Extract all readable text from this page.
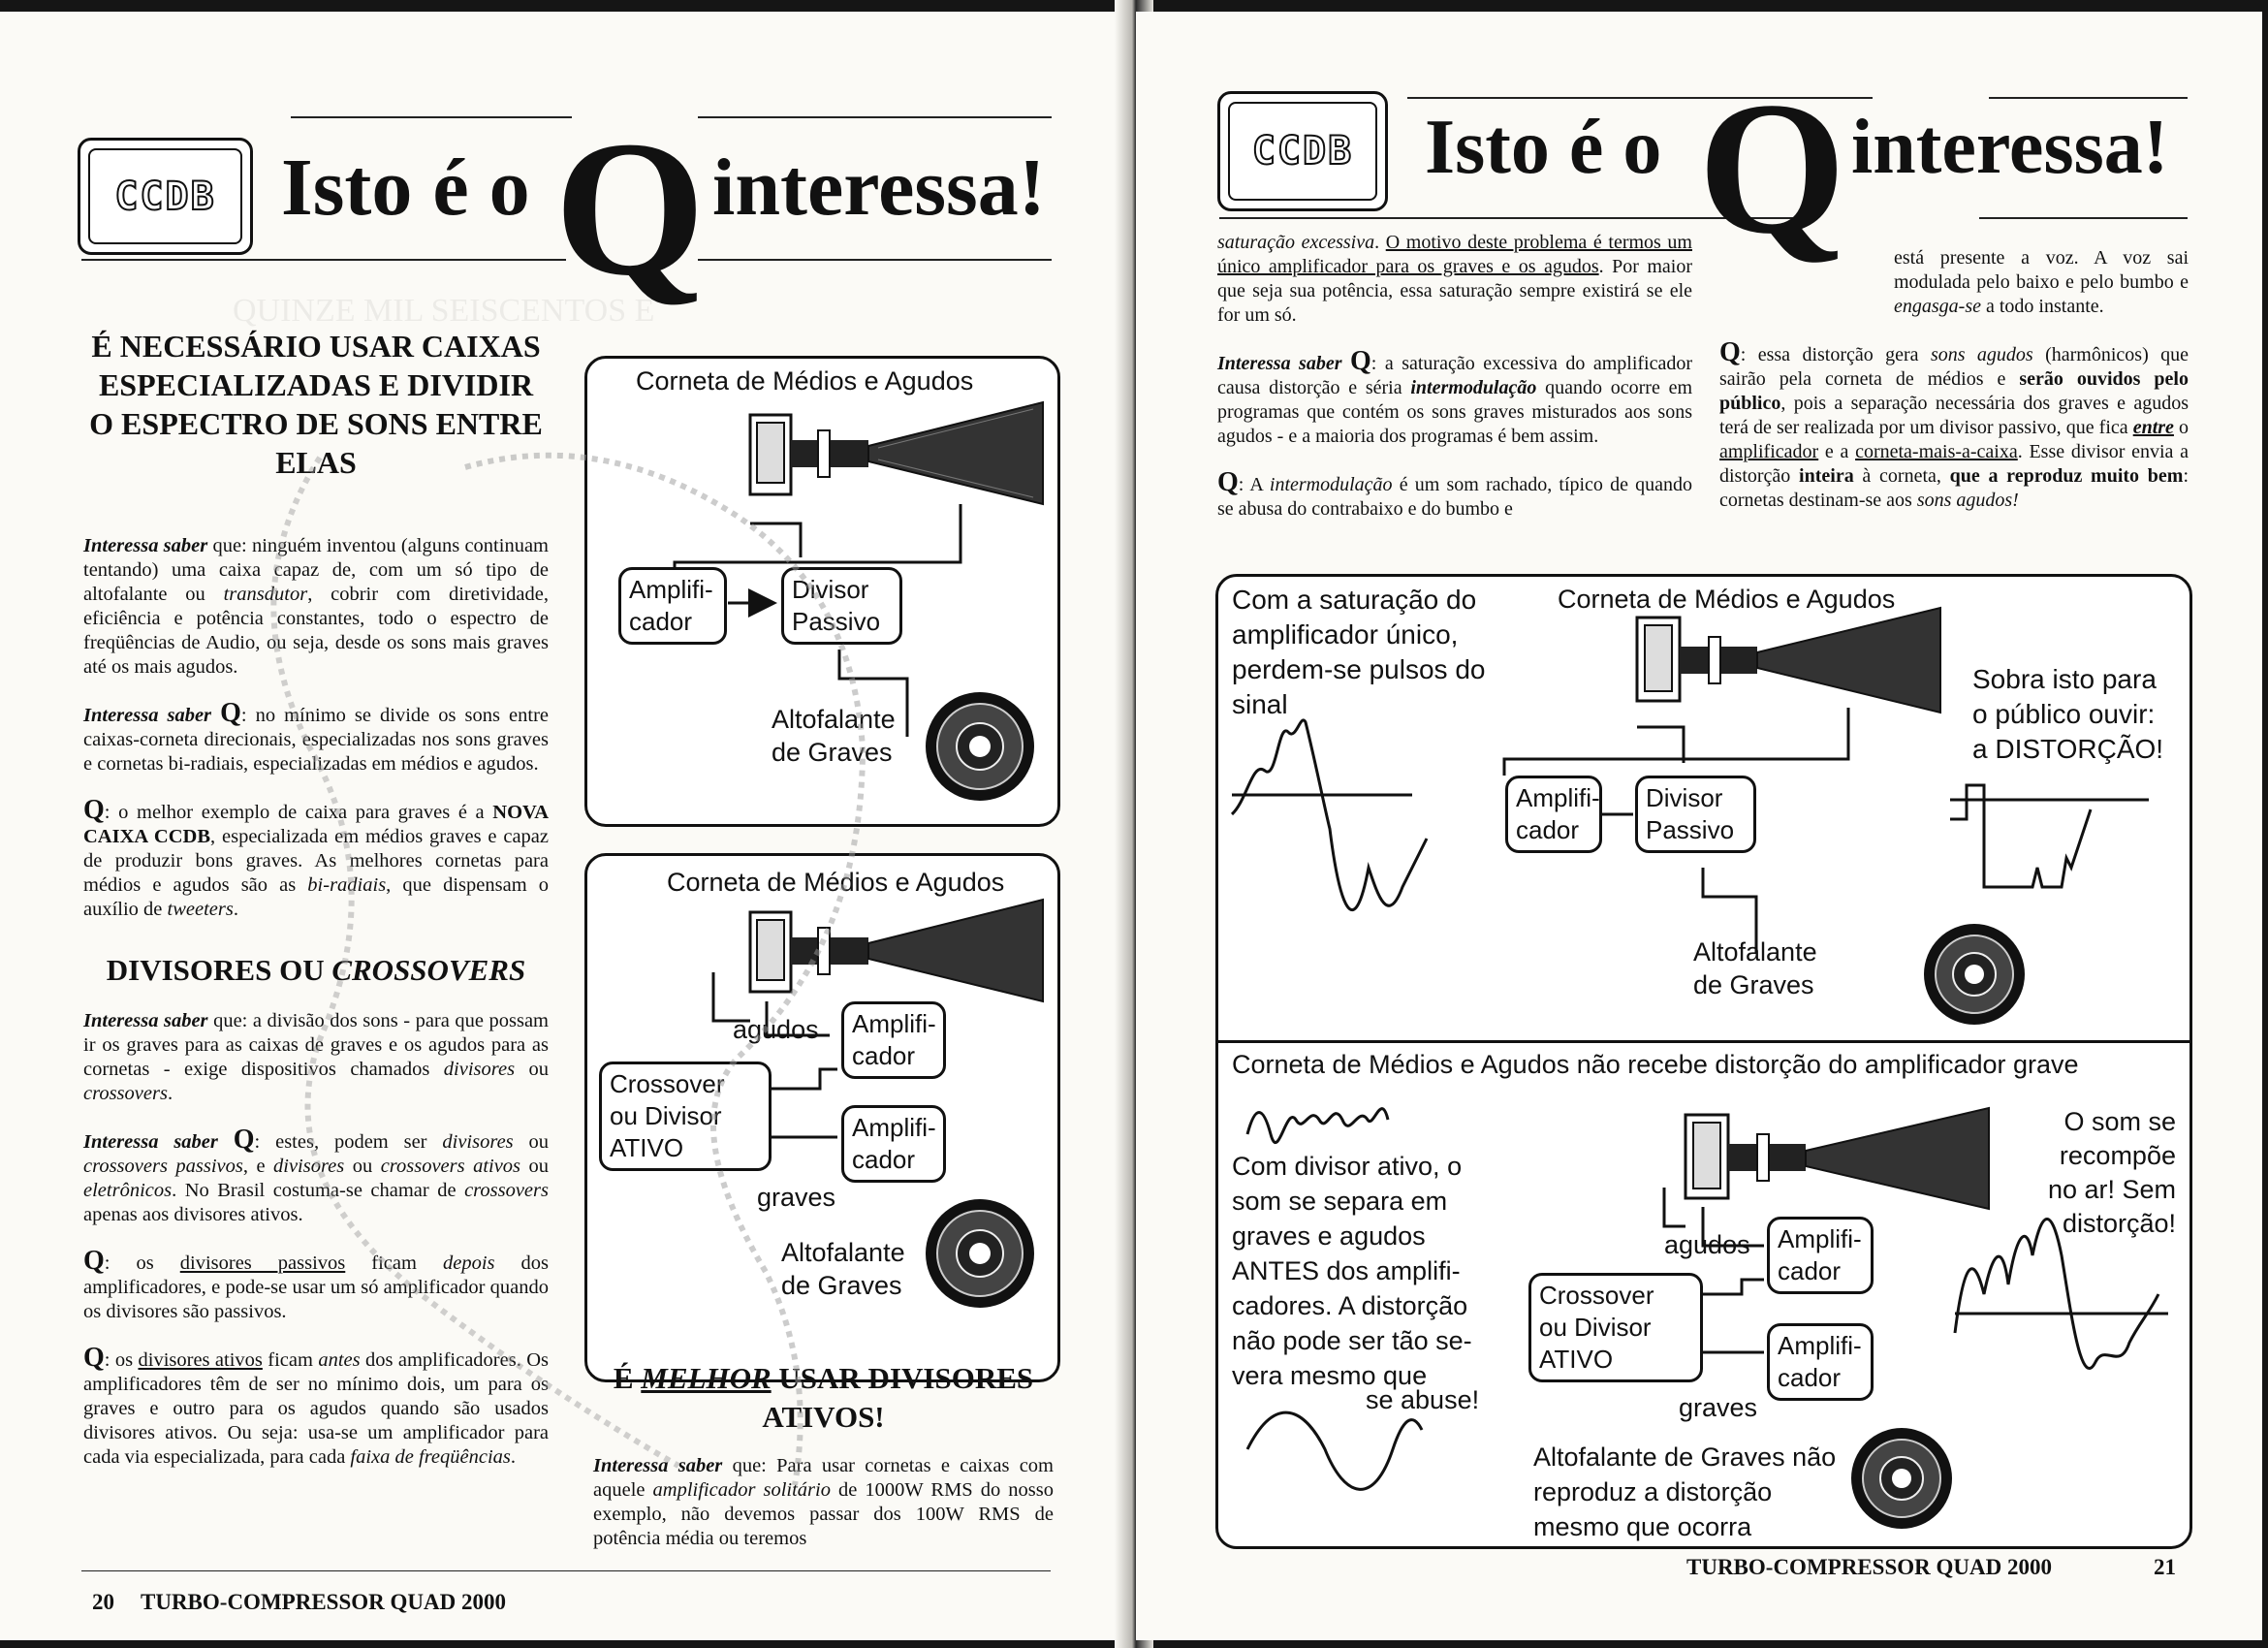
QUINZE MIL SEISCENTOS E
CCDB Isto é o Q interessa!
É NECESSÁRIO USAR CAIXAS ESPECIALIZADAS E DIVIDIR O ESPECTRO DE SONS ENTRE ELAS

Interessa saber que: ninguém inventou (alguns continuam tentando) uma caixa capaz de, com um só tipo de altofalante ou transdutor, cobrir com diretividade, eficiência e potência constantes, todo o espectro de freqüências de Audio, ou seja, desde os sons mais graves até os mais agudos.

Interessa saber Q: no mínimo se divide os sons entre caixas-corneta direcionais, especializadas nos sons graves e cornetas bi-radiais, especializadas em médios e agudos.

Q: o melhor exemplo de caixa para graves é a NOVA CAIXA CCDB, especializada em médios graves e capaz de produzir bons graves. As melhores cornetas para médios e agudos são as bi-radiais, que dispensam o auxílio de tweeters.

DIVISORES OU CROSSOVERS

Interessa saber que: a divisão dos sons - para que possam ir os graves para as caixas de graves e os agudos para as cornetas - exige dispositivos chamados divisores ou crossovers.

Interessa saber Q: estes, podem ser divisores ou crossovers passivos, e divisores ou crossovers ativos ou eletrônicos. No Brasil costuma-se chamar de crossovers apenas aos divisores ativos.

Q: os divisores passivos ficam depois dos amplificadores, e pode-se usar um só amplificador quando os divisores são passivos.

Q: os divisores ativos ficam antes dos amplificadores. Os amplificadores têm de ser no mínimo dois, um para os graves e outro para os agudos quando são usados divisores ativos. Ou seja: usa-se um amplificador para cada via especializada, para cada faixa de freqüências.

Corneta de Médios e Agudos
Amplifi-
cador
Divisor
Passivo
Altofalante
de Graves
Corneta de Médios e Agudos
agudos	Amplifi-
cador
Crossover
ou Divisor
ATIVO
Amplifi-
cador
graves
Altofalante
de Graves
É MELHOR USAR DIVISORES ATIVOS!

Interessa saber que: Para usar cornetas e caixas com aquele amplificador solitário de 1000W RMS do nosso exemplo, não devemos passar dos 100W RMS de potência média ou teremos

20 TURBO-COMPRESSOR QUAD 2000
CCDB Isto é o Q interessa!

saturação excessiva. O motivo deste problema é termos um único amplificador para os graves e os agudos. Por maior que seja sua potência, essa saturação sempre existirá se ele for um só.

Interessa saber Q: a saturação excessiva do amplificador causa distorção e séria intermodulação quando ocorre em programas que contém os sons graves misturados aos sons agudos - e a maioria dos programas é bem assim.

Q: A intermodulação é um som rachado, típico de quando se abusa do contrabaixo e do bumbo e

está presente a voz. A voz sai modulada pelo baixo e pelo bumbo e engasga-se a todo instante.

Q: essa distorção gera sons agudos (harmônicos) que sairão pela corneta de médios e serão ouvidos pelo público, pois a separação necessária dos graves e agudos terá de ser realizada por um divisor passivo, que fica entre o amplificador e a corneta-mais-a-caixa. Esse divisor envia a distorção inteira à corneta, que a reproduz muito bem: cornetas destinam-se aos sons agudos!

Com a saturação do amplificador único, perdem-se pulsos do sinal
Corneta de Médios e Agudos
Sobra isto para o público ouvir: a DISTORÇÃO!
Amplifi-
cador
Divisor
Passivo
Altofalante
de Graves
Corneta de Médios e Agudos não recebe distorção do amplificador grave
Com divisor ativo, o som se separa em graves e agudos ANTES dos amplifi- cadores. A distorção não pode ser tão se- vera mesmo que
se abuse!
O som se recompõe no ar! Sem distorção!
agudos	Amplifi-
cador
Crossover
ou Divisor
ATIVO	Amplifi-
cador
graves
Altofalante de Graves não reproduz a distorção mesmo que ocorra
TURBO-COMPRESSOR QUAD 2000	21
